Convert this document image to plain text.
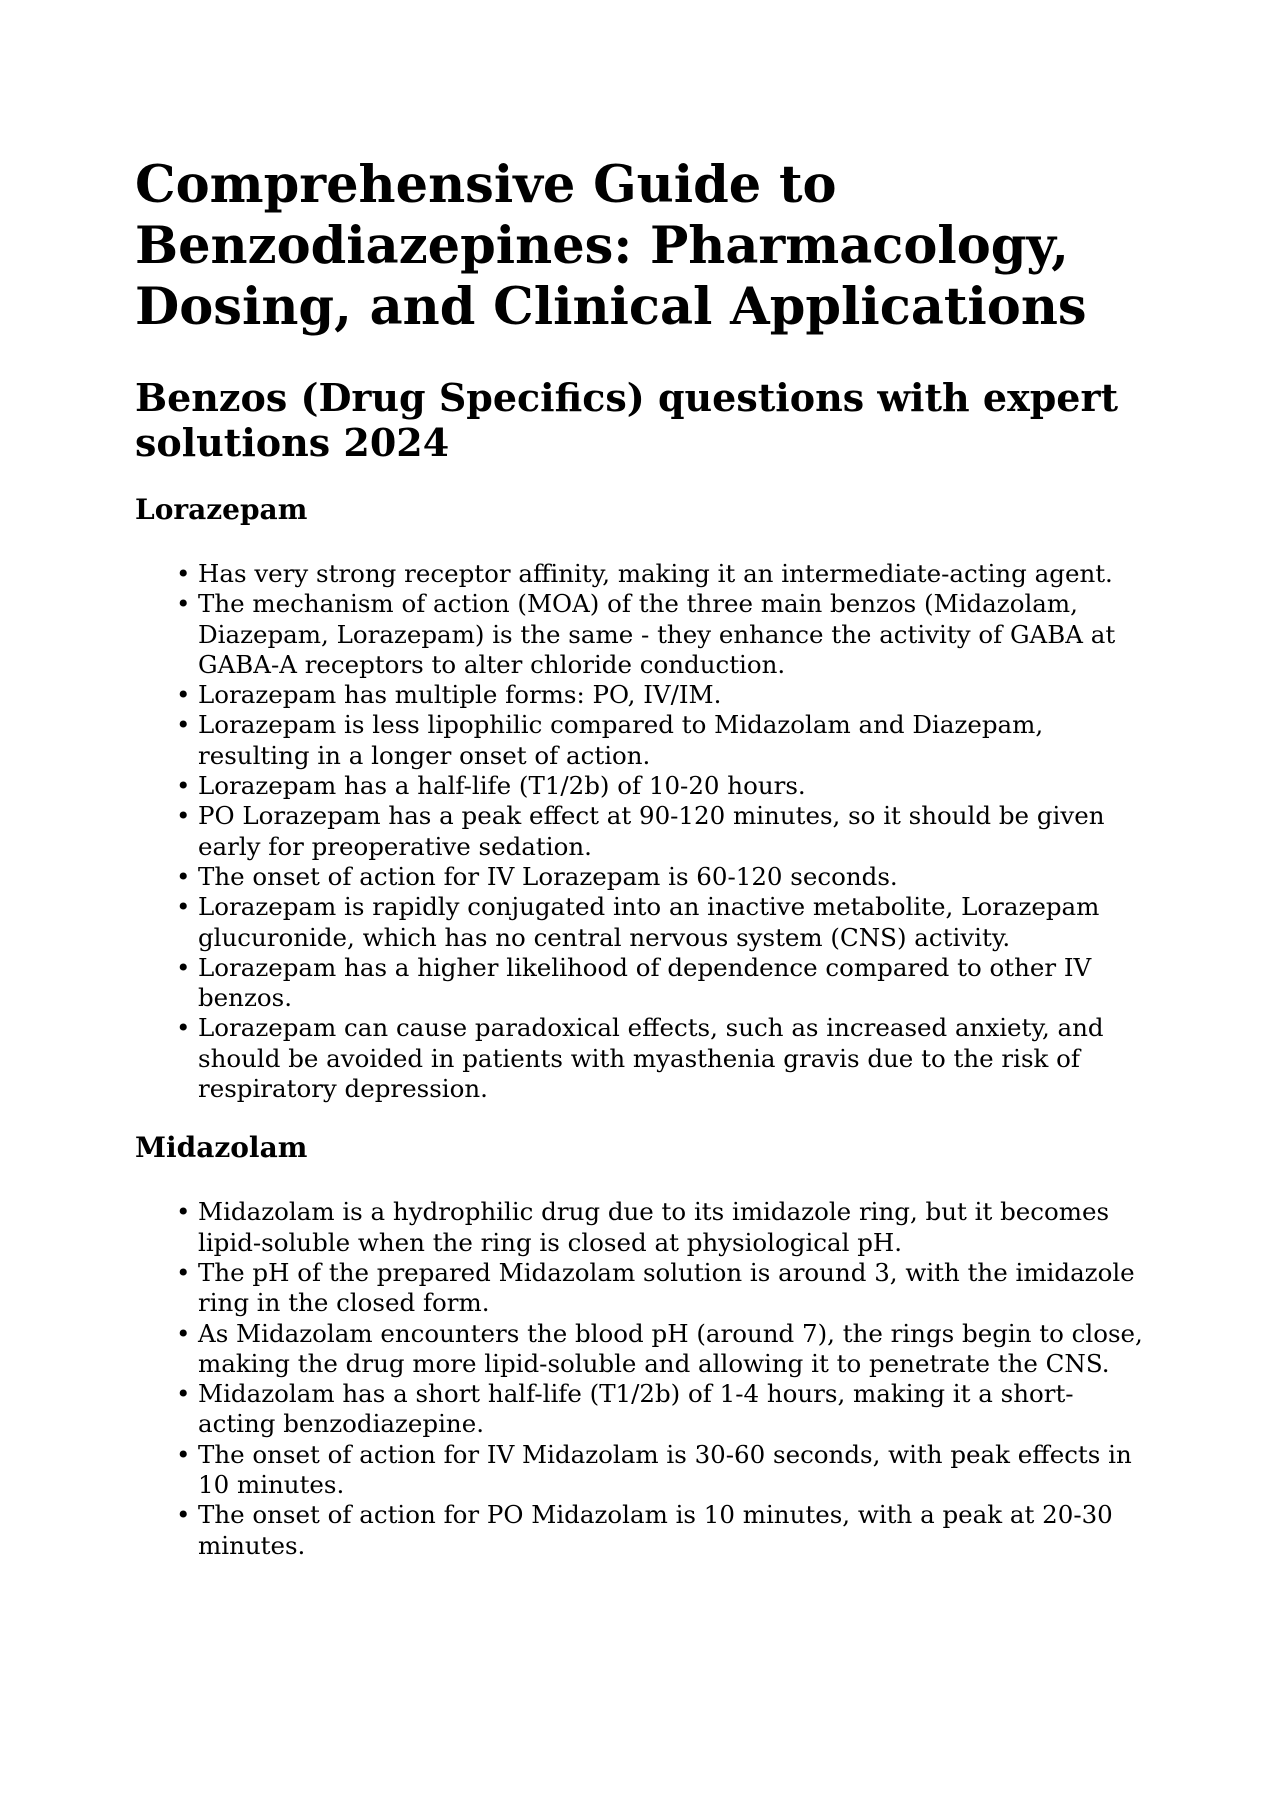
Comprehensive Guide to Benzodiazepines: Pharmacology, Dosing, and Clinical Applications
Benzos (Drug Specifics) questions with expert solutions 2024
Lorazepam
• Has very strong receptor affinity, making it an intermediate-acting agent.
• The mechanism of action (MOA) of the three main benzos (Midazolam, Diazepam, Lorazepam) is the same - they enhance the activity of GABA at GABA-A receptors to alter chloride conduction.
• Lorazepam has multiple forms: PO, IV/IM.
• Lorazepam is less lipophilic compared to Midazolam and Diazepam, resulting in a longer onset of action.
• Lorazepam has a half-life (T1/2b) of 10-20 hours.
• PO Lorazepam has a peak effect at 90-120 minutes, so it should be given early for preoperative sedation.
• The onset of action for IV Lorazepam is 60-120 seconds.
• Lorazepam is rapidly conjugated into an inactive metabolite, Lorazepam glucuronide, which has no central nervous system (CNS) activity.
• Lorazepam has a higher likelihood of dependence compared to other IV benzos.
• Lorazepam can cause paradoxical effects, such as increased anxiety, and should be avoided in patients with myasthenia gravis due to the risk of respiratory depression.
Midazolam
• Midazolam is a hydrophilic drug due to its imidazole ring, but it becomes lipid-soluble when the ring is closed at physiological pH.
• The pH of the prepared Midazolam solution is around 3, with the imidazole ring in the closed form.
• As Midazolam encounters the blood pH (around 7), the rings begin to close, making the drug more lipid-soluble and allowing it to penetrate the CNS.
• Midazolam has a short half-life (T1/2b) of 1-4 hours, making it a short-acting benzodiazepine.
• The onset of action for IV Midazolam is 30-60 seconds, with peak effects in 10 minutes.
• The onset of action for PO Midazolam is 10 minutes, with a peak at 20-30 minutes.
